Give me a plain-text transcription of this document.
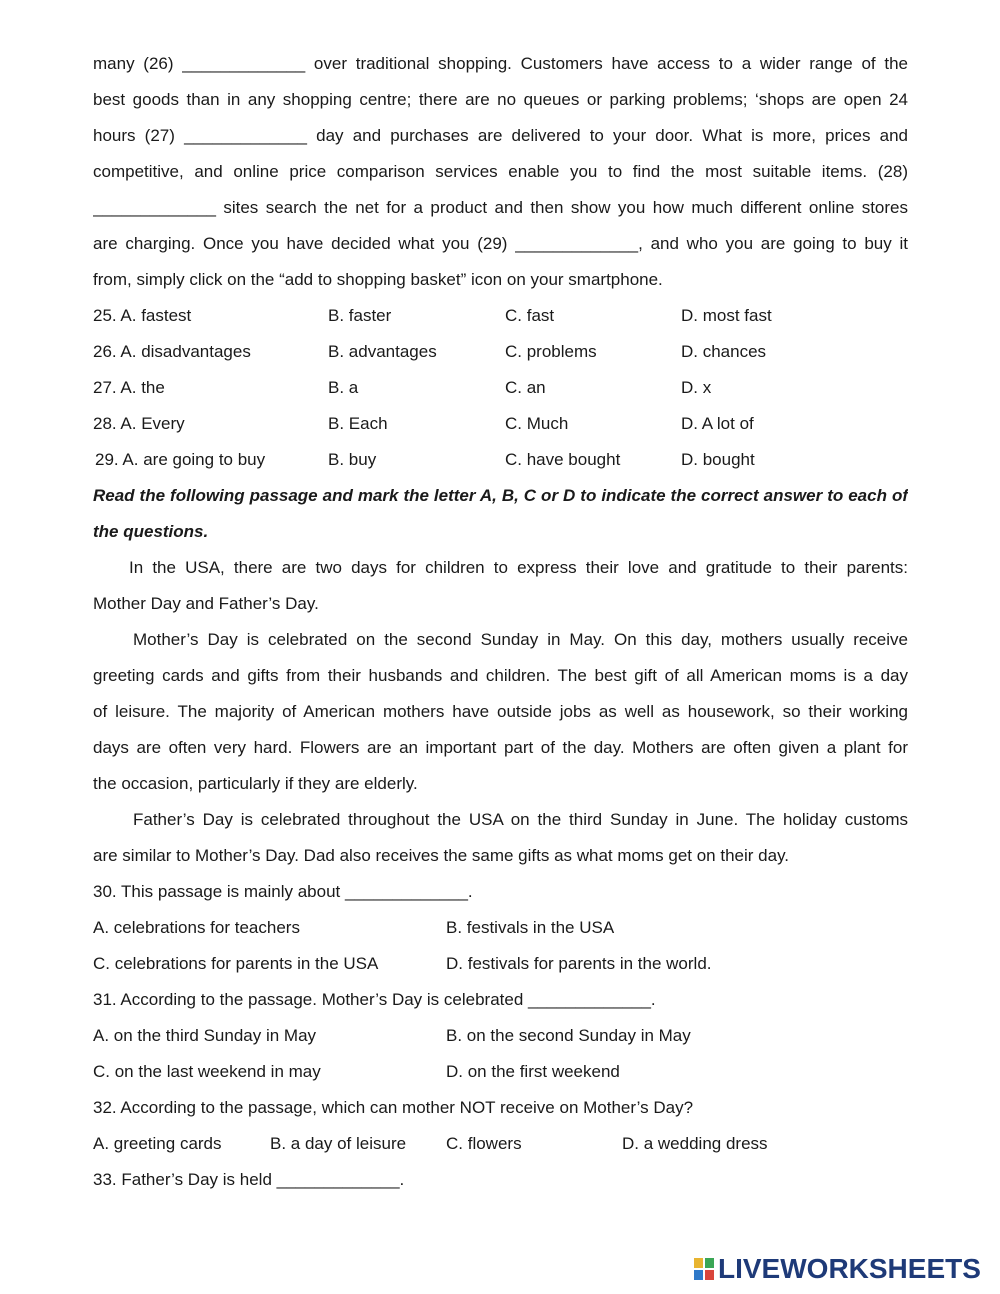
many (26) _____________ over traditional shopping. Customers have access to a wider range of the
best goods than in any shopping centre; there are no queues or parking problems; ‘shops are open 24
hours (27) _____________ day and purchases are delivered to your door. What is more, prices and
competitive, and online price comparison services enable you to find the most suitable items. (28)
_____________ sites search the net for a product and then show you how much different online stores
are charging. Once you have decided what you (29) _____________, and who you are going to buy it
from, simply click on the “add to shopping basket” icon on your smartphone.
25. A. fastest	B. faster	C. fast	D. most fast
26. A. disadvantages	B. advantages	C. problems	D. chances
27. A. the	B. a	C. an	D. x
28. A. Every	B. Each	C. Much	D. A lot of
29. A. are going to buy	B. buy	C. have bought	D. bought
Read the following passage and mark the letter A, B, C or D to indicate the correct answer to each of
the questions.
In the USA, there are two days for children to express their love and gratitude to their parents:
Mother Day and Father’s Day.
Mother’s Day is celebrated on the second Sunday in May. On this day, mothers usually receive
greeting cards and gifts from their husbands and children. The best gift of all American moms is a day
of leisure. The majority of American mothers have outside jobs as well as housework, so their working
days are often very hard. Flowers are an important part of the day. Mothers are often given a plant for
the occasion, particularly if they are elderly.
Father’s Day is celebrated throughout the USA on the third Sunday in June. The holiday customs
are similar to Mother’s Day. Dad also receives the same gifts as what moms get on their day.
30. This passage is mainly about _____________.
A. celebrations for teachers	B. festivals in the USA
C. celebrations for parents in the USA	D. festivals for parents in the world.
31. According to the passage. Mother’s Day is celebrated _____________.
A. on the third Sunday in May	B. on the second Sunday in May
C. on the last weekend in may	D. on the first weekend
32. According to the passage, which can mother NOT receive on Mother’s Day?
A. greeting cards	B. a day of leisure C. flowers	D. a wedding dress
33. Father’s Day is held _____________.
LIVEWORKSHEETS
